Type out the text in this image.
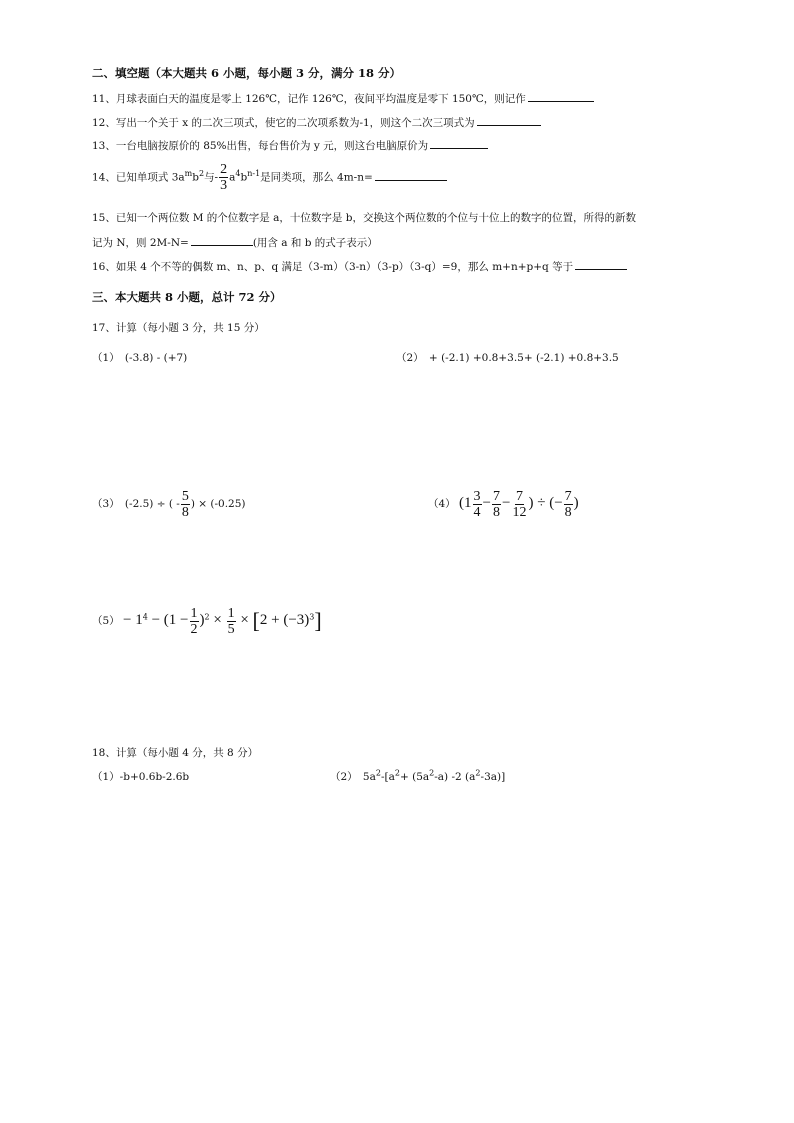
二、填空题（本大题共 6 小题，每小题 3 分，满分 18 分）
11、月球表面白天的温度是零上 126℃，记作 126℃，夜间平均温度是零下 150℃，则记作
12、写出一个关于 x 的二次三项式，使它的二次项系数为-1，则这个二次三项式为
13、一台电脑按原价的 85%出售，每台售价为 y 元，则这台电脑原价为
14、已知单项式 $3a^mb^2$与- $\frac{2}{3} a^4b^{n-1}$是同类项，那么 4m-n=
15、已知一个两位数 M 的个位数字是 a，十位数字是 b，交换这个两位数的个位与十位上的数字的位置，所得的新数
记为 N，则 2M-N=	(用含 a 和 b 的式子表示）
16、如果 4 个不等的偶数 m、n、p、q 满足（3-m）（3-n）（3-p）（3-q）=9，那么 m+n+p+q 等于
三、本大题共 8 小题，总计 72 分）
17、计算（每小题 3 分，共 15 分）
（1）　(-3.8) - (+7)	（2）　+ (-2.1) +0.8+3.5+ (-2.1) +0.8+3.5
（3）　(-2.5) ÷ ( - $\frac{5}{8}$ ) × (-0.25)	（4） ($1 \frac{3}{4} - \frac{7}{8} - \frac{7}{12}$ ) ÷ (− $\frac{7}{8}$ )
$(5) - 1^4 - (1 - \frac{1}{2} )^2 \times \frac{1}{5} \times [2 + (-3)^3]$
18、计算（每小题 4 分，共 8 分）
（1）-b+0.6b-2.6b	（2）　$5a^2-[a^2+ (5a^2-a)$ -2 $(a^2-3a)$]
